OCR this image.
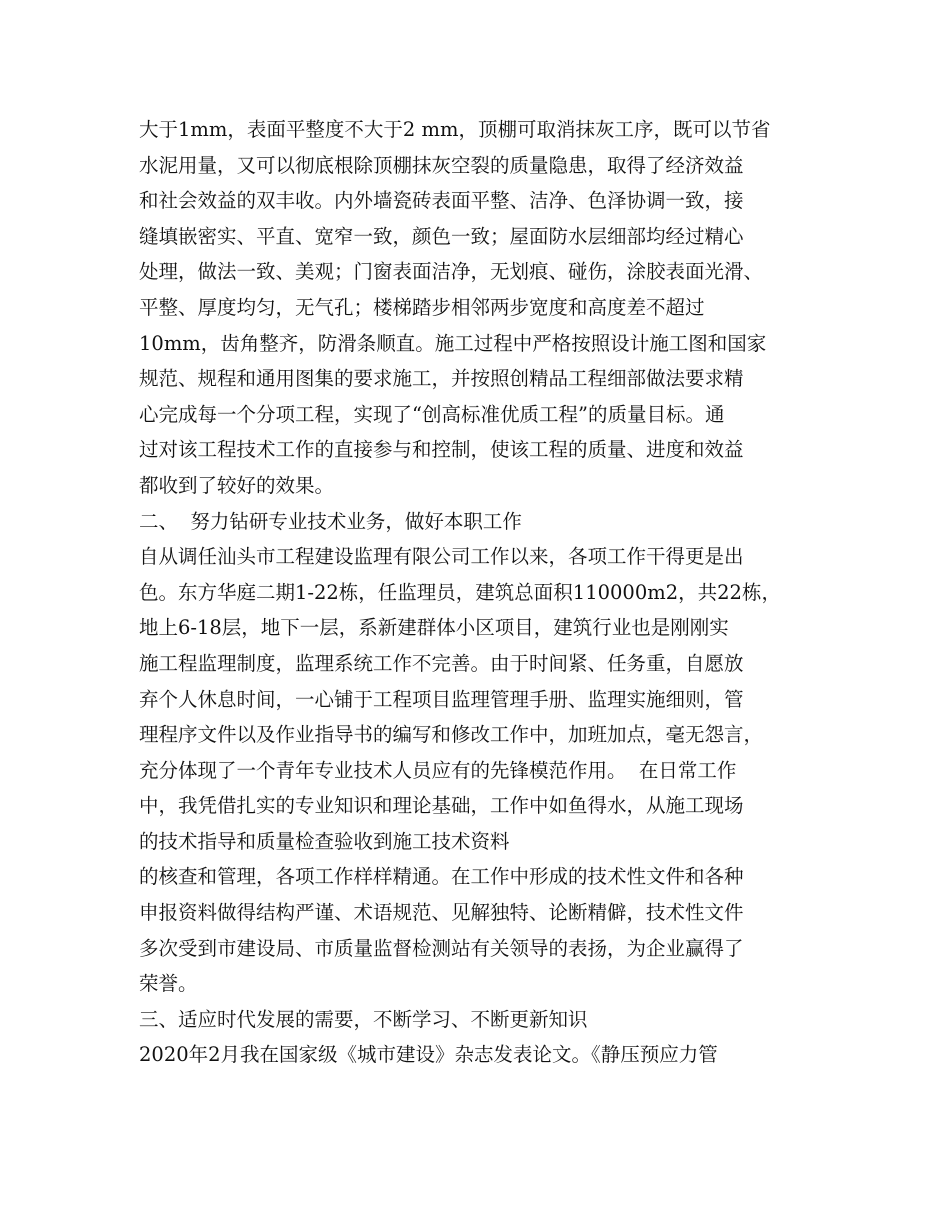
大于1mm，表面平整度不大于2 mm，顶棚可取消抹灰工序，既可以节省
水泥用量，又可以彻底根除顶棚抹灰空裂的质量隐患，取得了经济效益
和社会效益的双丰收。内外墙瓷砖表面平整、洁净、色泽协调一致，接
缝填嵌密实、平直、宽窄一致，颜色一致；屋面防水层细部均经过精心
处理，做法一致、美观；门窗表面洁净，无划痕、碰伤，涂胶表面光滑、
平整、厚度均匀，无气孔；楼梯踏步相邻两步宽度和高度差不超过
10mm，齿角整齐，防滑条顺直。施工过程中严格按照设计施工图和国家
规范、规程和通用图集的要求施工，并按照创精品工程细部做法要求精
心完成每一个分项工程，实现了“创高标准优质工程”的质量目标。通
过对该工程技术工作的直接参与和控制，使该工程的质量、进度和效益
都收到了较好的效果。
二、  努力钻研专业技术业务，做好本职工作
自从调任汕头市工程建设监理有限公司工作以来，各项工作干得更是出
色。东方华庭二期1-22栋，任监理员，建筑总面积110000m2，共22栋，
地上6-18层，地下一层，系新建群体小区项目，建筑行业也是刚刚实
施工程监理制度，监理系统工作不完善。由于时间紧、任务重，自愿放
弃个人休息时间，一心铺于工程项目监理管理手册、监理实施细则，管
理程序文件以及作业指导书的编写和修改工作中，加班加点，毫无怨言，
充分体现了一个青年专业技术人员应有的先锋模范作用。  在日常工作
中，我凭借扎实的专业知识和理论基础，工作中如鱼得水，从施工现场
的技术指导和质量检查验收到施工技术资料
的核查和管理，各项工作样样精通。在工作中形成的技术性文件和各种
申报资料做得结构严谨、术语规范、见解独特、论断精僻，技术性文件
多次受到市建设局、市质量监督检测站有关领导的表扬，为企业赢得了
荣誉。
三、适应时代发展的需要，不断学习、不断更新知识
2020年2月我在国家级《城市建设》杂志发表论文。《静压预应力管
